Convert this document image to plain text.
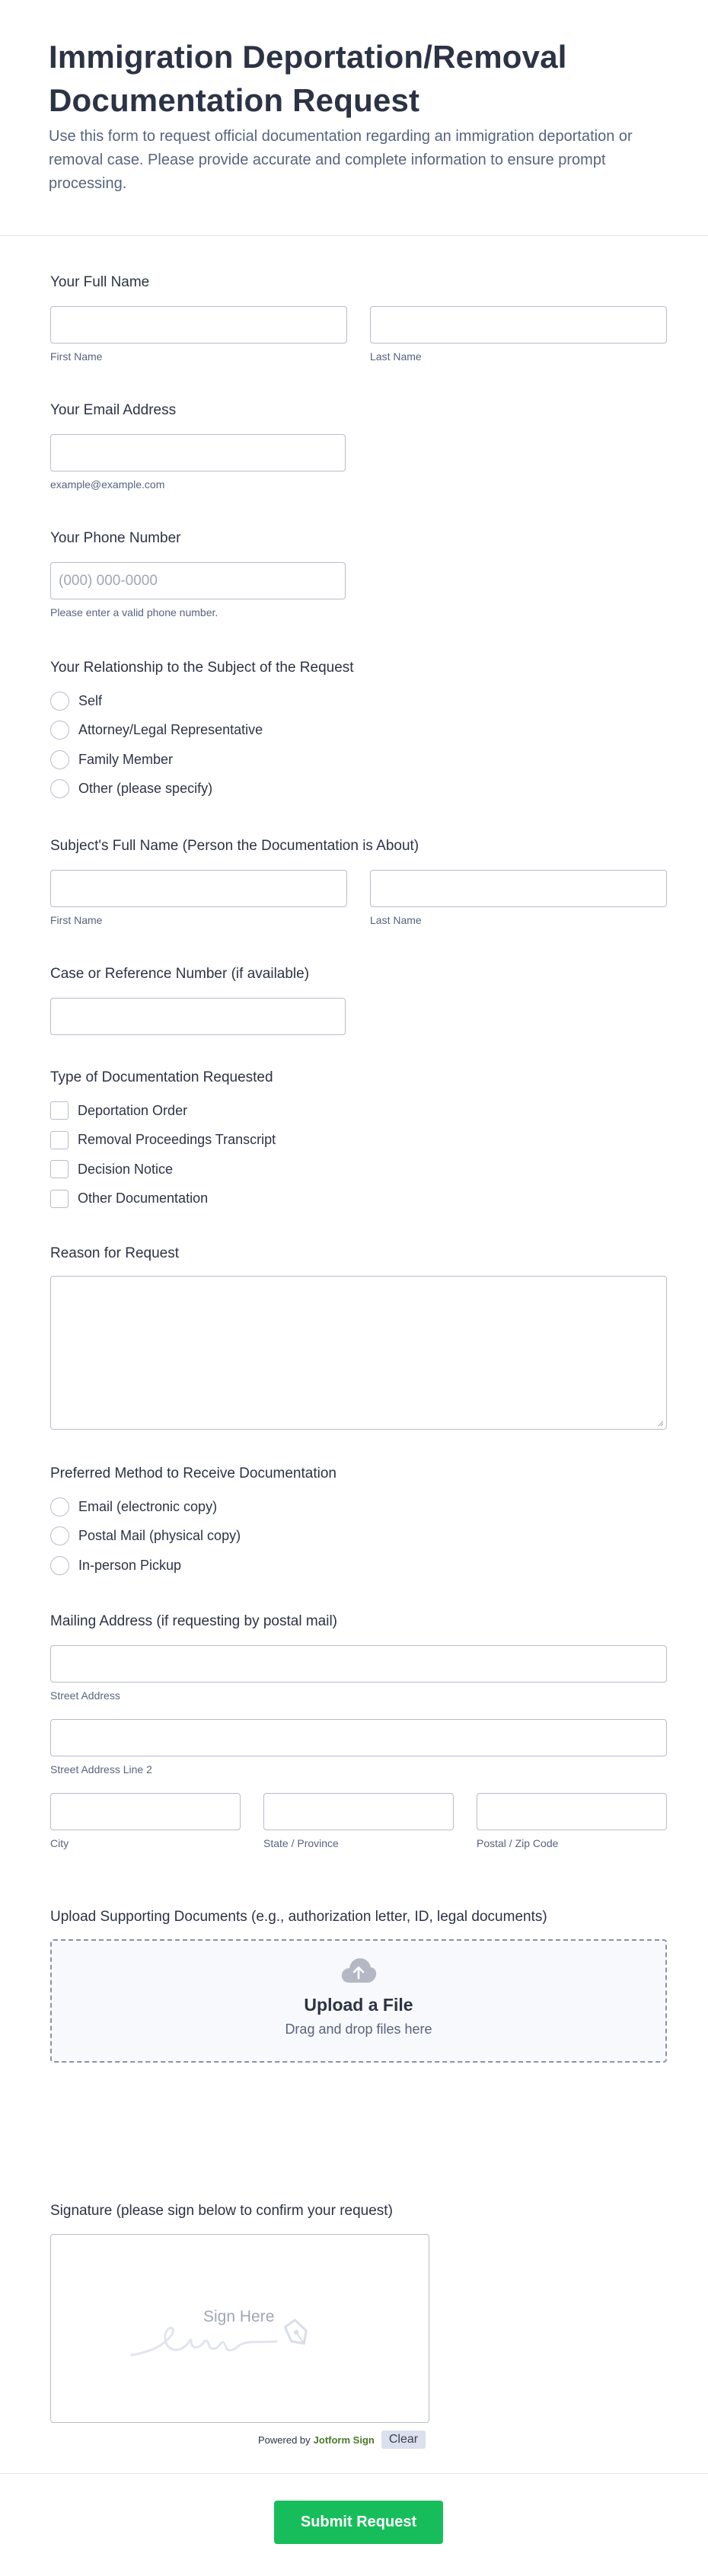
Immigration Deportation/Removal Documentation Request

Use this form to request official documentation regarding an immigration deportation or removal case. Please provide accurate and complete information to ensure prompt processing.

Your Full Name
First Name	Last Name
Your Email Address
example@example.com
Your Phone Number
(000) 000-0000
Please enter a valid phone number.
Your Relationship to the Subject of the Request
Self
Attorney/Legal Representative
Family Member
Other (please specify)
Subject's Full Name (Person the Documentation is About)
First Name	Last Name
Case or Reference Number (if available)
Type of Documentation Requested
Deportation Order
Removal Proceedings Transcript
Decision Notice
Other Documentation
Reason for Request
Preferred Method to Receive Documentation
Email (electronic copy)
Postal Mail (physical copy)
In-person Pickup
Mailing Address (if requesting by postal mail)
Street Address
Street Address Line 2
City	State / Province	Postal / Zip Code
Upload Supporting Documents (e.g., authorization letter, ID, legal documents)
Upload a File
Drag and drop files here
Signature (please sign below to confirm your request)
Sign Here
Powered by Jotform Sign	Clear
Submit Request
